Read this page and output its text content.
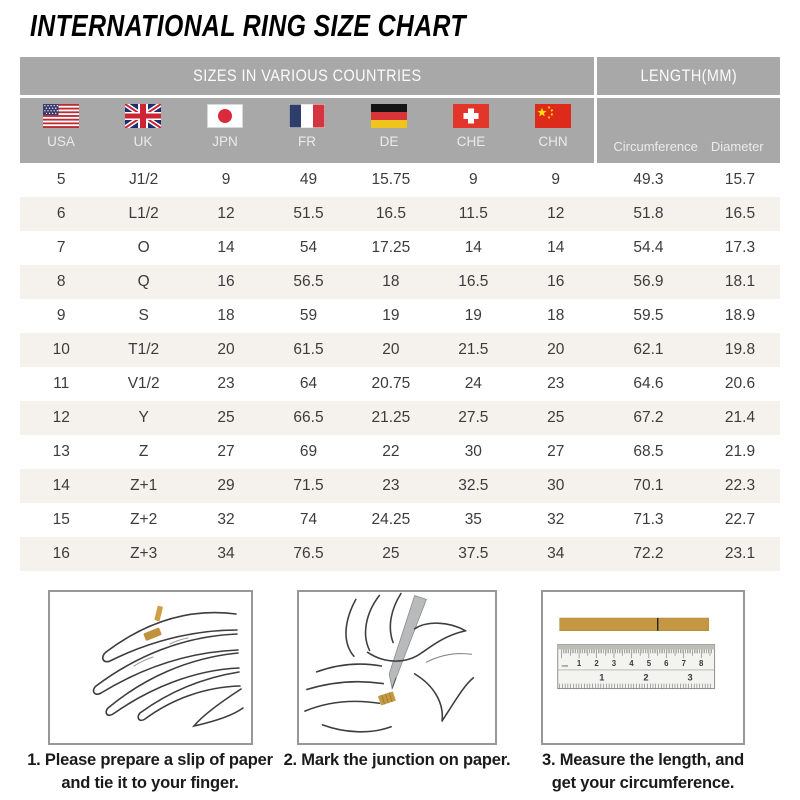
INTERNATIONAL RING SIZE CHART
SIZES IN VARIOUS COUNTRIES	LENGTH(MM)
USA	UK	JPN	FR	DE	CHE	CHN	Circumference Diameter
5	J1/2	9	49	15.75	9	9	49.3	15.7
6	L1/2	12	51.5	16.5	11.5	12	51.8	16.5
7	O	14	54	17.25	14	14	54.4	17.3
8	Q	16	56.5	18	16.5	16	56.9	18.1
9	S	18	59	19	19	18	59.5	18.9
10	T1/2	20	61.5	20	21.5	20	62.1	19.8
11	V1/2	23	64	20.75	24	23	64.6	20.6
12	Y	25	66.5	21.25	27.5	25	67.2	21.4
13	Z	27	69	22	30	27	68.5	21.9
14	Z+1	29	71.5	23	32.5	30	70.1	22.3
15	Z+2	32	74	24.25	35	32	71.3	22.7
16	Z+3	34	76.5	25	37.5	34	72.2	23.1
mm 1 2 3 4 5 6 7 8
1	2	3
1. Please prepare a slip of paper
and tie it to your finger.
2. Mark the junction on paper.	3. Measure the length, and
get your circumference.
